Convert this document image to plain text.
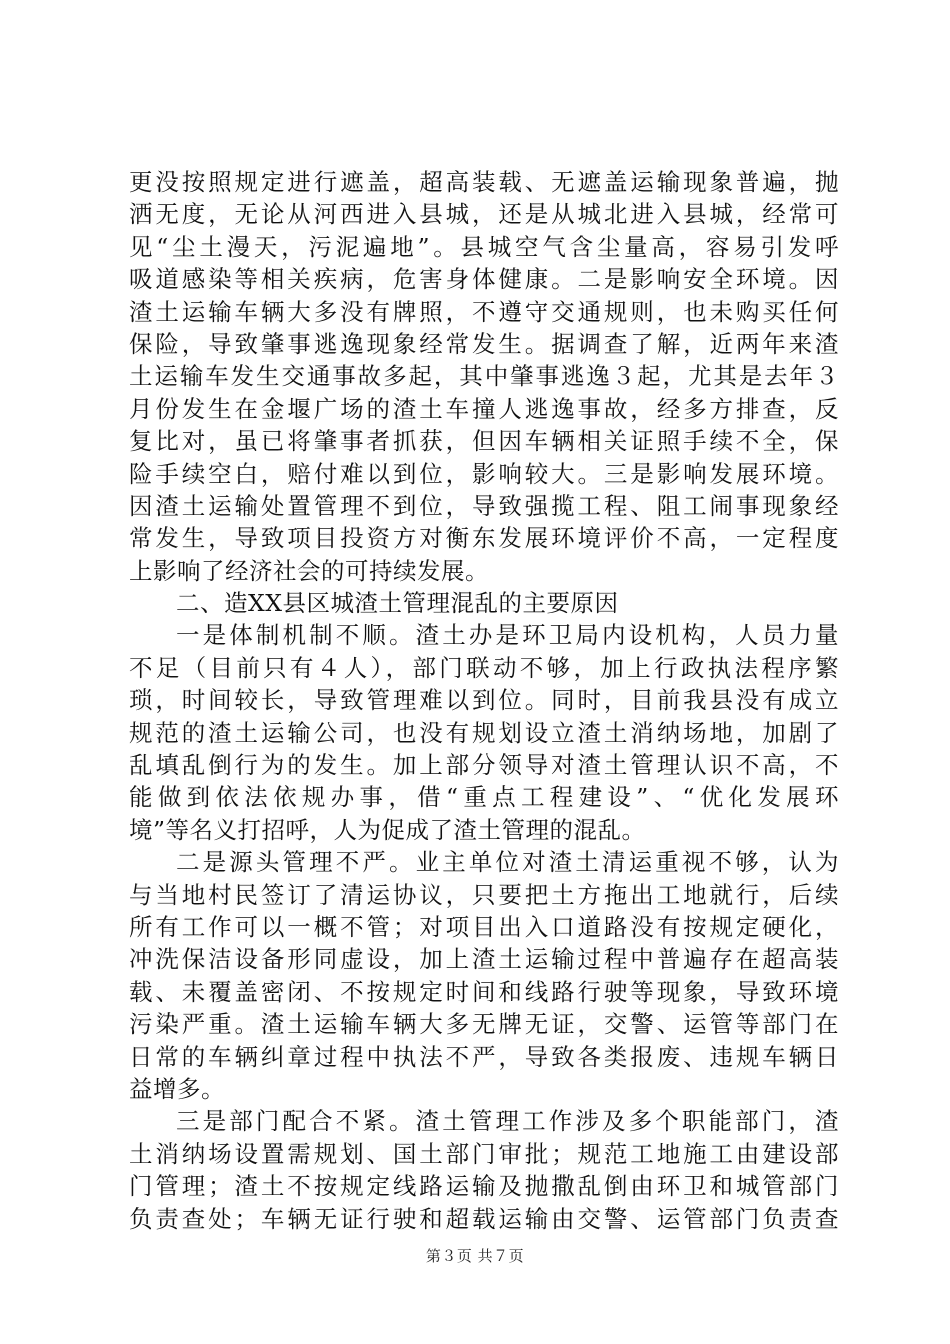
更没按照规定进行遮盖，超高装载、无遮盖运输现象普遍，抛
洒无度，无论从河西进入县城，还是从城北进入县城，经常可
见“尘土漫天，污泥遍地”。县城空气含尘量高，容易引发呼
吸道感染等相关疾病，危害身体健康。二是影响安全环境。因
渣土运输车辆大多没有牌照，不遵守交通规则，也未购买任何
保险，导致肇事逃逸现象经常发生。据调查了解，近两年来渣
土运输车发生交通事故多起，其中肇事逃逸３起，尤其是去年３
月份发生在金堰广场的渣土车撞人逃逸事故，经多方排查，反
复比对，虽已将肇事者抓获，但因车辆相关证照手续不全，保
险手续空白，赔付难以到位，影响较大。三是影响发展环境。
因渣土运输处置管理不到位，导致强揽工程、阻工闹事现象经
常发生，导致项目投资方对衡东发展环境评价不高，一定程度
上影响了经济社会的可持续发展。
二、造XX县区城渣土管理混乱的主要原因
一是体制机制不顺。渣土办是环卫局内设机构，人员力量
不足（目前只有４人），部门联动不够，加上行政执法程序繁
琐，时间较长，导致管理难以到位。同时，目前我县没有成立
规范的渣土运输公司，也没有规划设立渣土消纳场地，加剧了
乱填乱倒行为的发生。加上部分领导对渣土管理认识不高，不
能做到依法依规办事，借“重点工程建设”、“优化发展环
境”等名义打招呼，人为促成了渣土管理的混乱。
二是源头管理不严。业主单位对渣土清运重视不够，认为
与当地村民签订了清运协议，只要把土方拖出工地就行，后续
所有工作可以一概不管；对项目出入口道路没有按规定硬化，
冲洗保洁设备形同虚设，加上渣土运输过程中普遍存在超高装
载、未覆盖密闭、不按规定时间和线路行驶等现象，导致环境
污染严重。渣土运输车辆大多无牌无证，交警、运管等部门在
日常的车辆纠章过程中执法不严，导致各类报废、违规车辆日
益增多。
三是部门配合不紧。渣土管理工作涉及多个职能部门，渣
土消纳场设置需规划、国土部门审批；规范工地施工由建设部
门管理；渣土不按规定线路运输及抛撒乱倒由环卫和城管部门
负责查处；车辆无证行驶和超载运输由交警、运管部门负责查
第３页 共７页
